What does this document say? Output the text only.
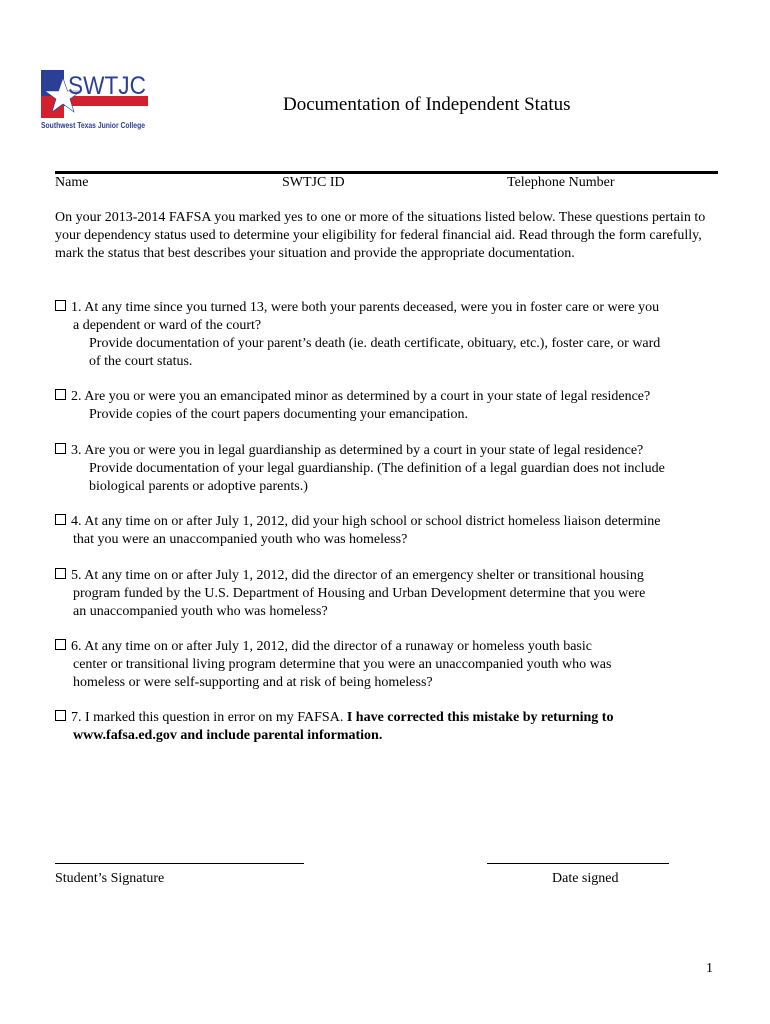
SWTJC
Southwest Texas Junior College
Documentation of Independent Status
Name	SWTJC ID	Telephone Number
On your 2013-2014 FAFSA you marked yes to one or more of the situations listed below. These questions pertain to your dependency status used to determine your eligibility for federal financial aid. Read through the form carefully, mark the status that best describes your situation and provide the appropriate documentation.
1. At any time since you turned 13, were both your parents deceased, were you in foster care or were you
a dependent or ward of the court?
Provide documentation of your parent’s death (ie. death certificate, obituary, etc.), foster care, or ward
of the court status.
2. Are you or were you an emancipated minor as determined by a court in your state of legal residence?
Provide copies of the court papers documenting your emancipation.
3. Are you or were you in legal guardianship as determined by a court in your state of legal residence?
Provide documentation of your legal guardianship. (The definition of a legal guardian does not include
biological parents or adoptive parents.)
4. At any time on or after July 1, 2012, did your high school or school district homeless liaison determine
that you were an unaccompanied youth who was homeless?
5. At any time on or after July 1, 2012, did the director of an emergency shelter or transitional housing
program funded by the U.S. Department of Housing and Urban Development determine that you were
an unaccompanied youth who was homeless?
6. At any time on or after July 1, 2012, did the director of a runaway or homeless youth basic
center or transitional living program determine that you were an unaccompanied youth who was
homeless or were self-supporting and at risk of being homeless?
7. I marked this question in error on my FAFSA. I have corrected this mistake by returning to
www.fafsa.ed.gov and include parental information.
Student’s Signature	Date signed
1
